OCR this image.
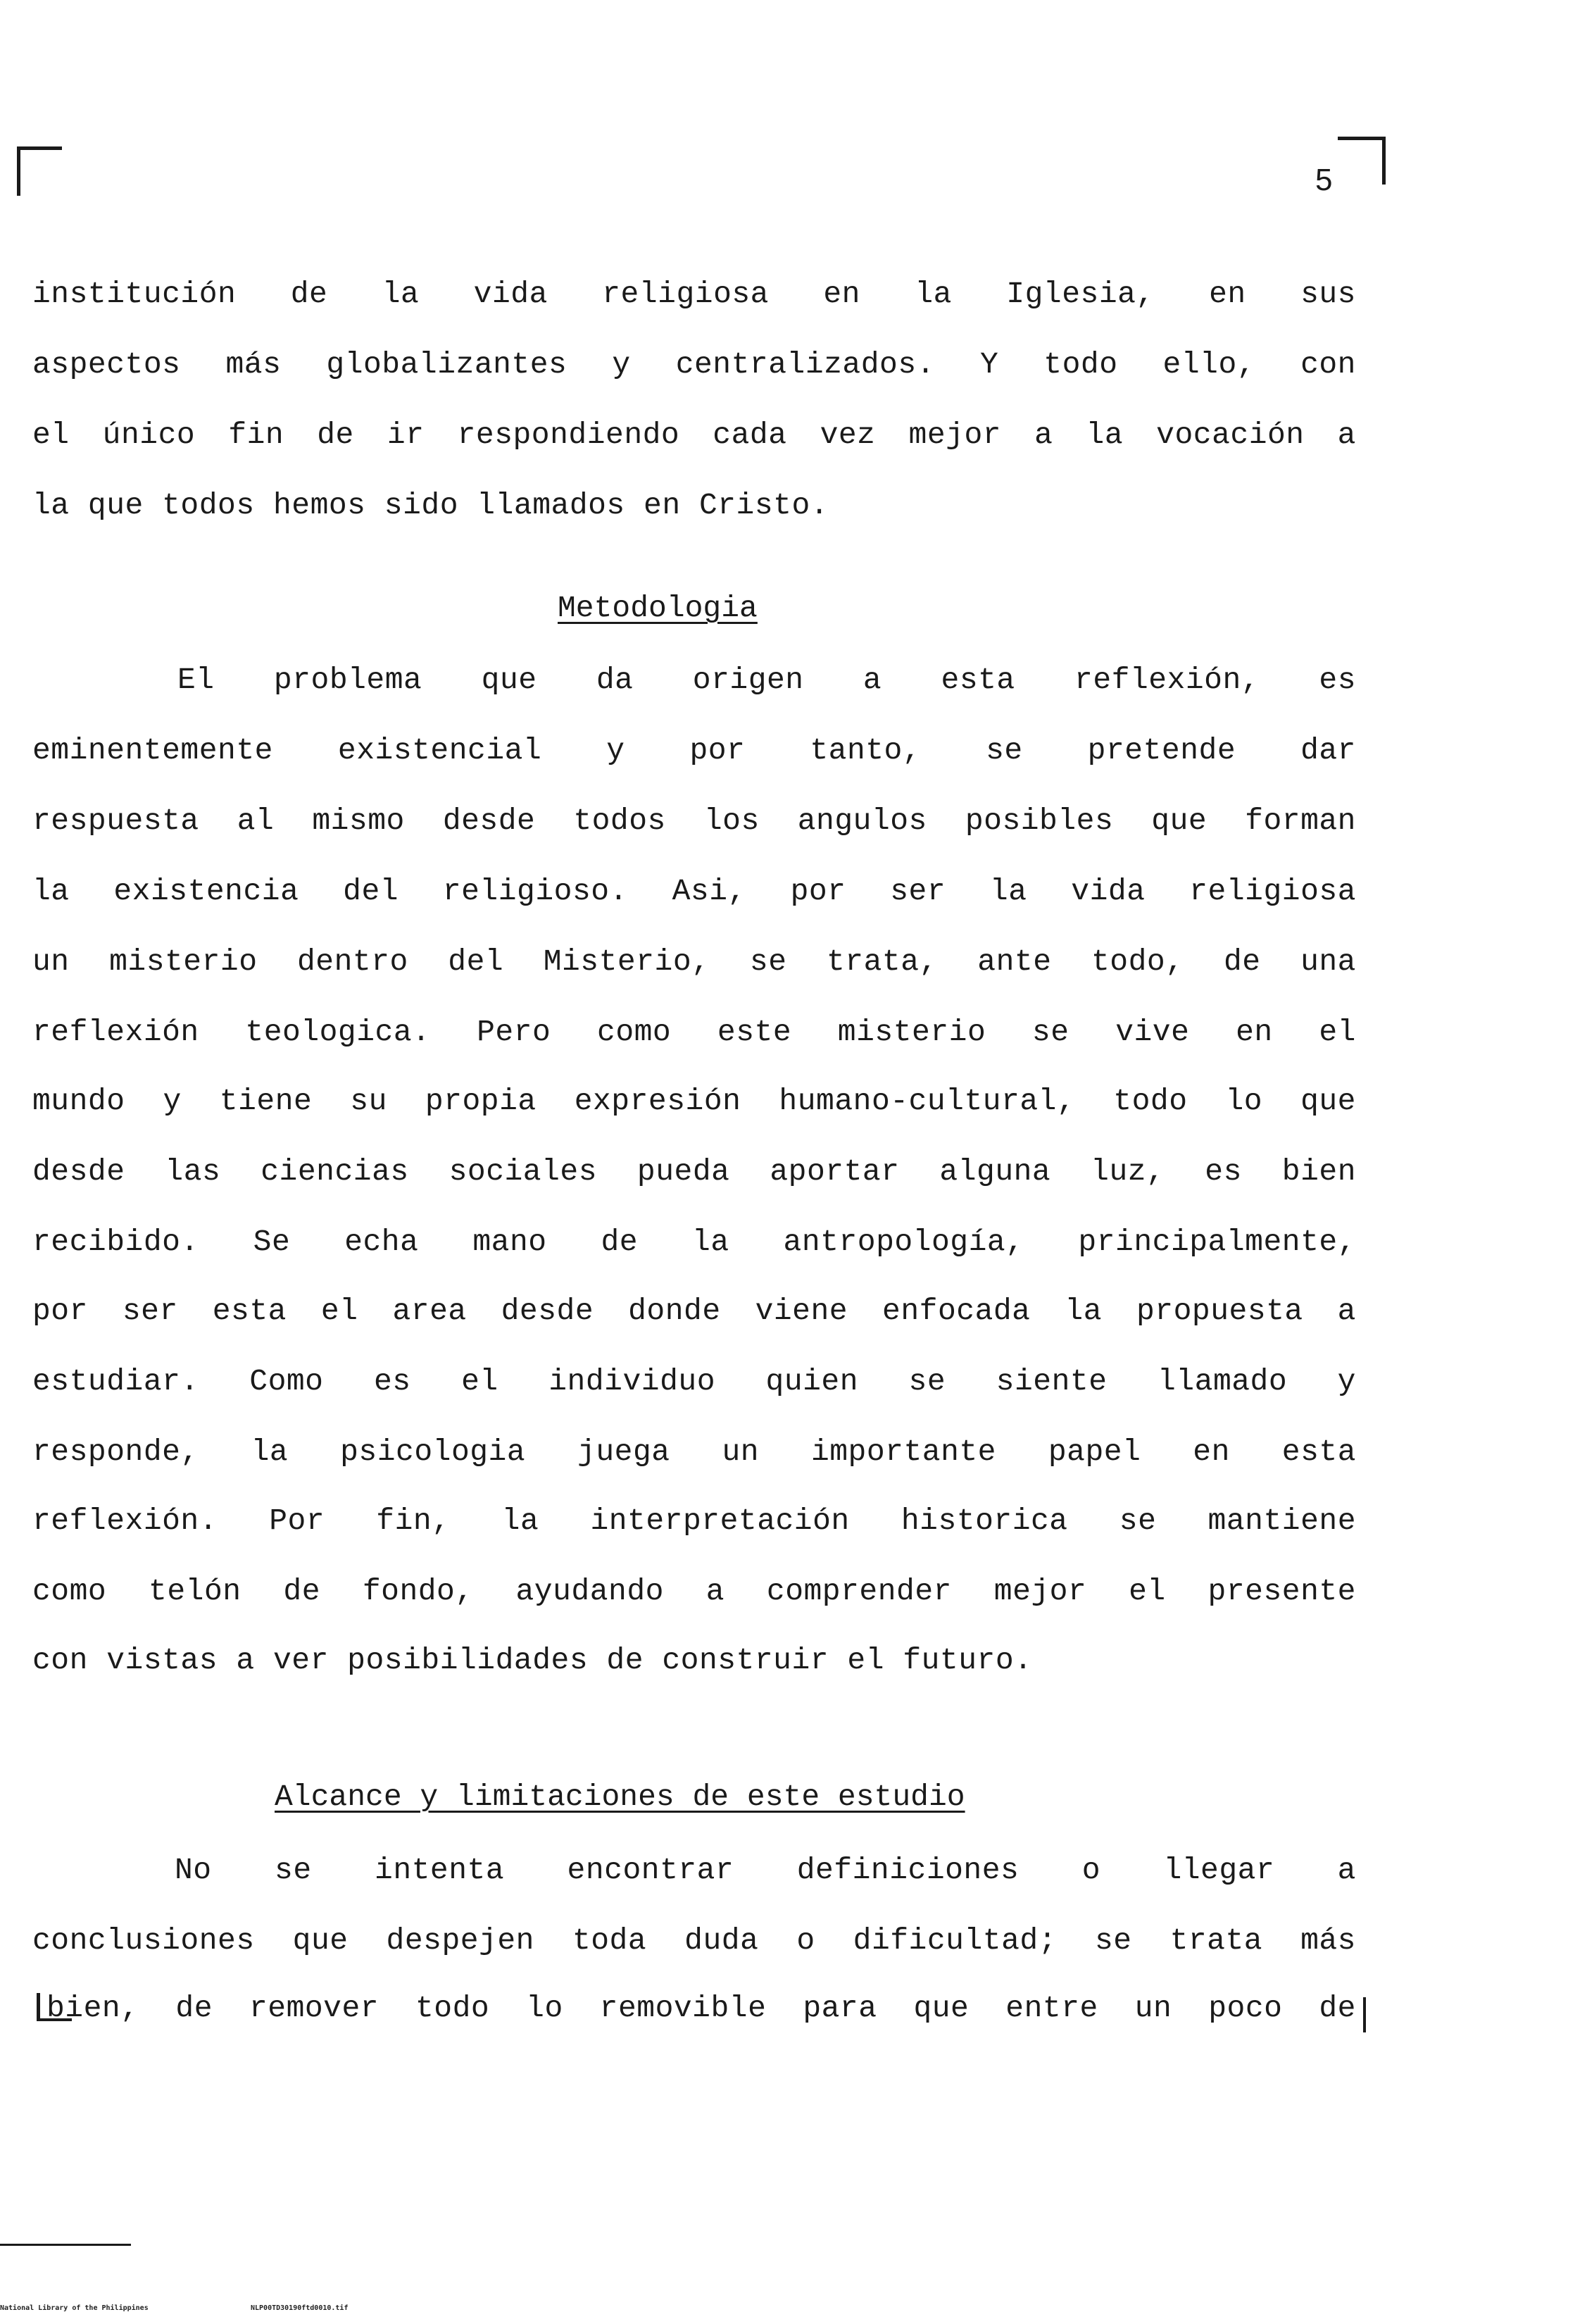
5
institución de la vida religiosa en la Iglesia, en sus
aspectos más globalizantes y centralizados. Y todo ello, con
el único fin de ir respondiendo cada vez mejor a la vocación a
la que todos hemos sido llamados en Cristo.
Metodologia
El problema que da origen a esta reflexión, es
eminentemente existencial y por tanto, se pretende dar
respuesta al mismo desde todos los angulos posibles que forman
la existencia del religioso. Asi, por ser la vida religiosa
un misterio dentro del Misterio, se trata, ante todo, de una
reflexión teologica. Pero como este misterio se vive en el
mundo y tiene su propia expresión humano-cultural, todo lo que
desde las ciencias sociales pueda aportar alguna luz, es bien
recibido. Se echa mano de la antropología, principalmente,
por ser esta el area desde donde viene enfocada la propuesta a
estudiar. Como es el individuo quien se siente llamado y
responde, la psicologia juega un importante papel en esta
reflexión. Por fin, la interpretación historica se mantiene
como telón de fondo, ayudando a comprender mejor el presente
con vistas a ver posibilidades de construir el futuro.
Alcance y limitaciones de este estudio
No se intenta encontrar definiciones o llegar a
conclusiones que despejen toda duda o dificultad; se trata más
bien, de remover todo lo removible para que entre un poco de
National Library of the Philippines	NLP00TD30190ftd0010.tif
